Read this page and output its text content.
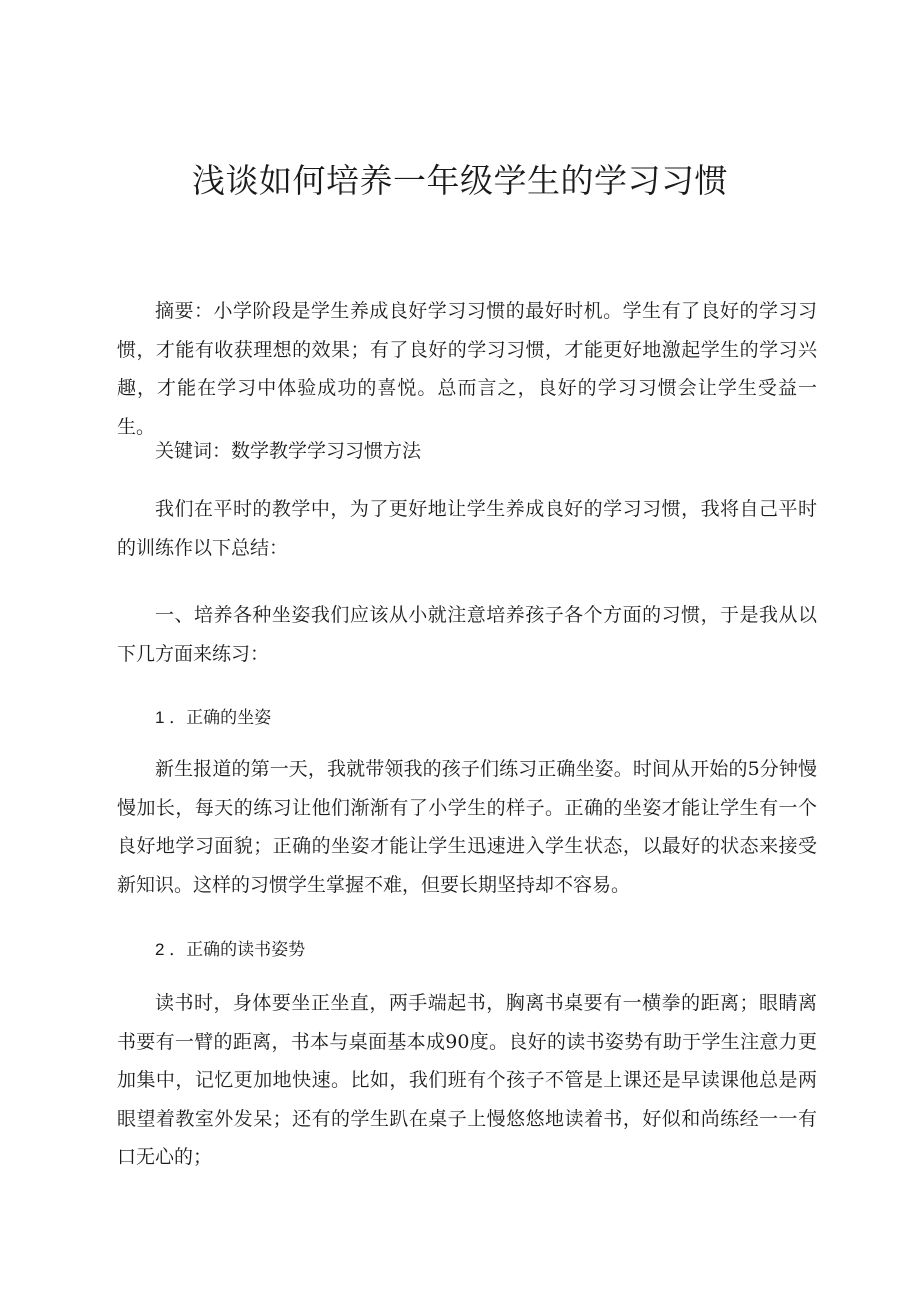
浅谈如何培养一年级学生的学习习惯

摘要：小学阶段是学生养成良好学习习惯的最好时机。学生有了良好的学习习惯，才能有收获理想的效果；有了良好的学习习惯，才能更好地激起学生的学习兴趣，才能在学习中体验成功的喜悦。总而言之，良好的学习习惯会让学生受益一生。

关键词：数学教学学习习惯方法

我们在平时的教学中，为了更好地让学生养成良好的学习习惯，我将自己平时的训练作以下总结：

一、培养各种坐姿我们应该从小就注意培养孩子各个方面的习惯，于是我从以下几方面来练习：

1 ．正确的坐姿

新生报道的第一天，我就带领我的孩子们练习正确坐姿。时间从开始的5分钟慢慢加长，每天的练习让他们渐渐有了小学生的样子。正确的坐姿才能让学生有一个良好地学习面貌；正确的坐姿才能让学生迅速进入学生状态，以最好的状态来接受新知识。这样的习惯学生掌握不难，但要长期坚持却不容易。

2 ．正确的读书姿势

读书时，身体要坐正坐直，两手端起书，胸离书桌要有一横拳的距离；眼睛离书要有一臂的距离，书本与桌面基本成90度。良好的读书姿势有助于学生注意力更加集中，记忆更加地快速。比如，我们班有个孩子不管是上课还是早读课他总是两眼望着教室外发呆；还有的学生趴在桌子上慢悠悠地读着书，好似和尚练经一一有口无心的；
